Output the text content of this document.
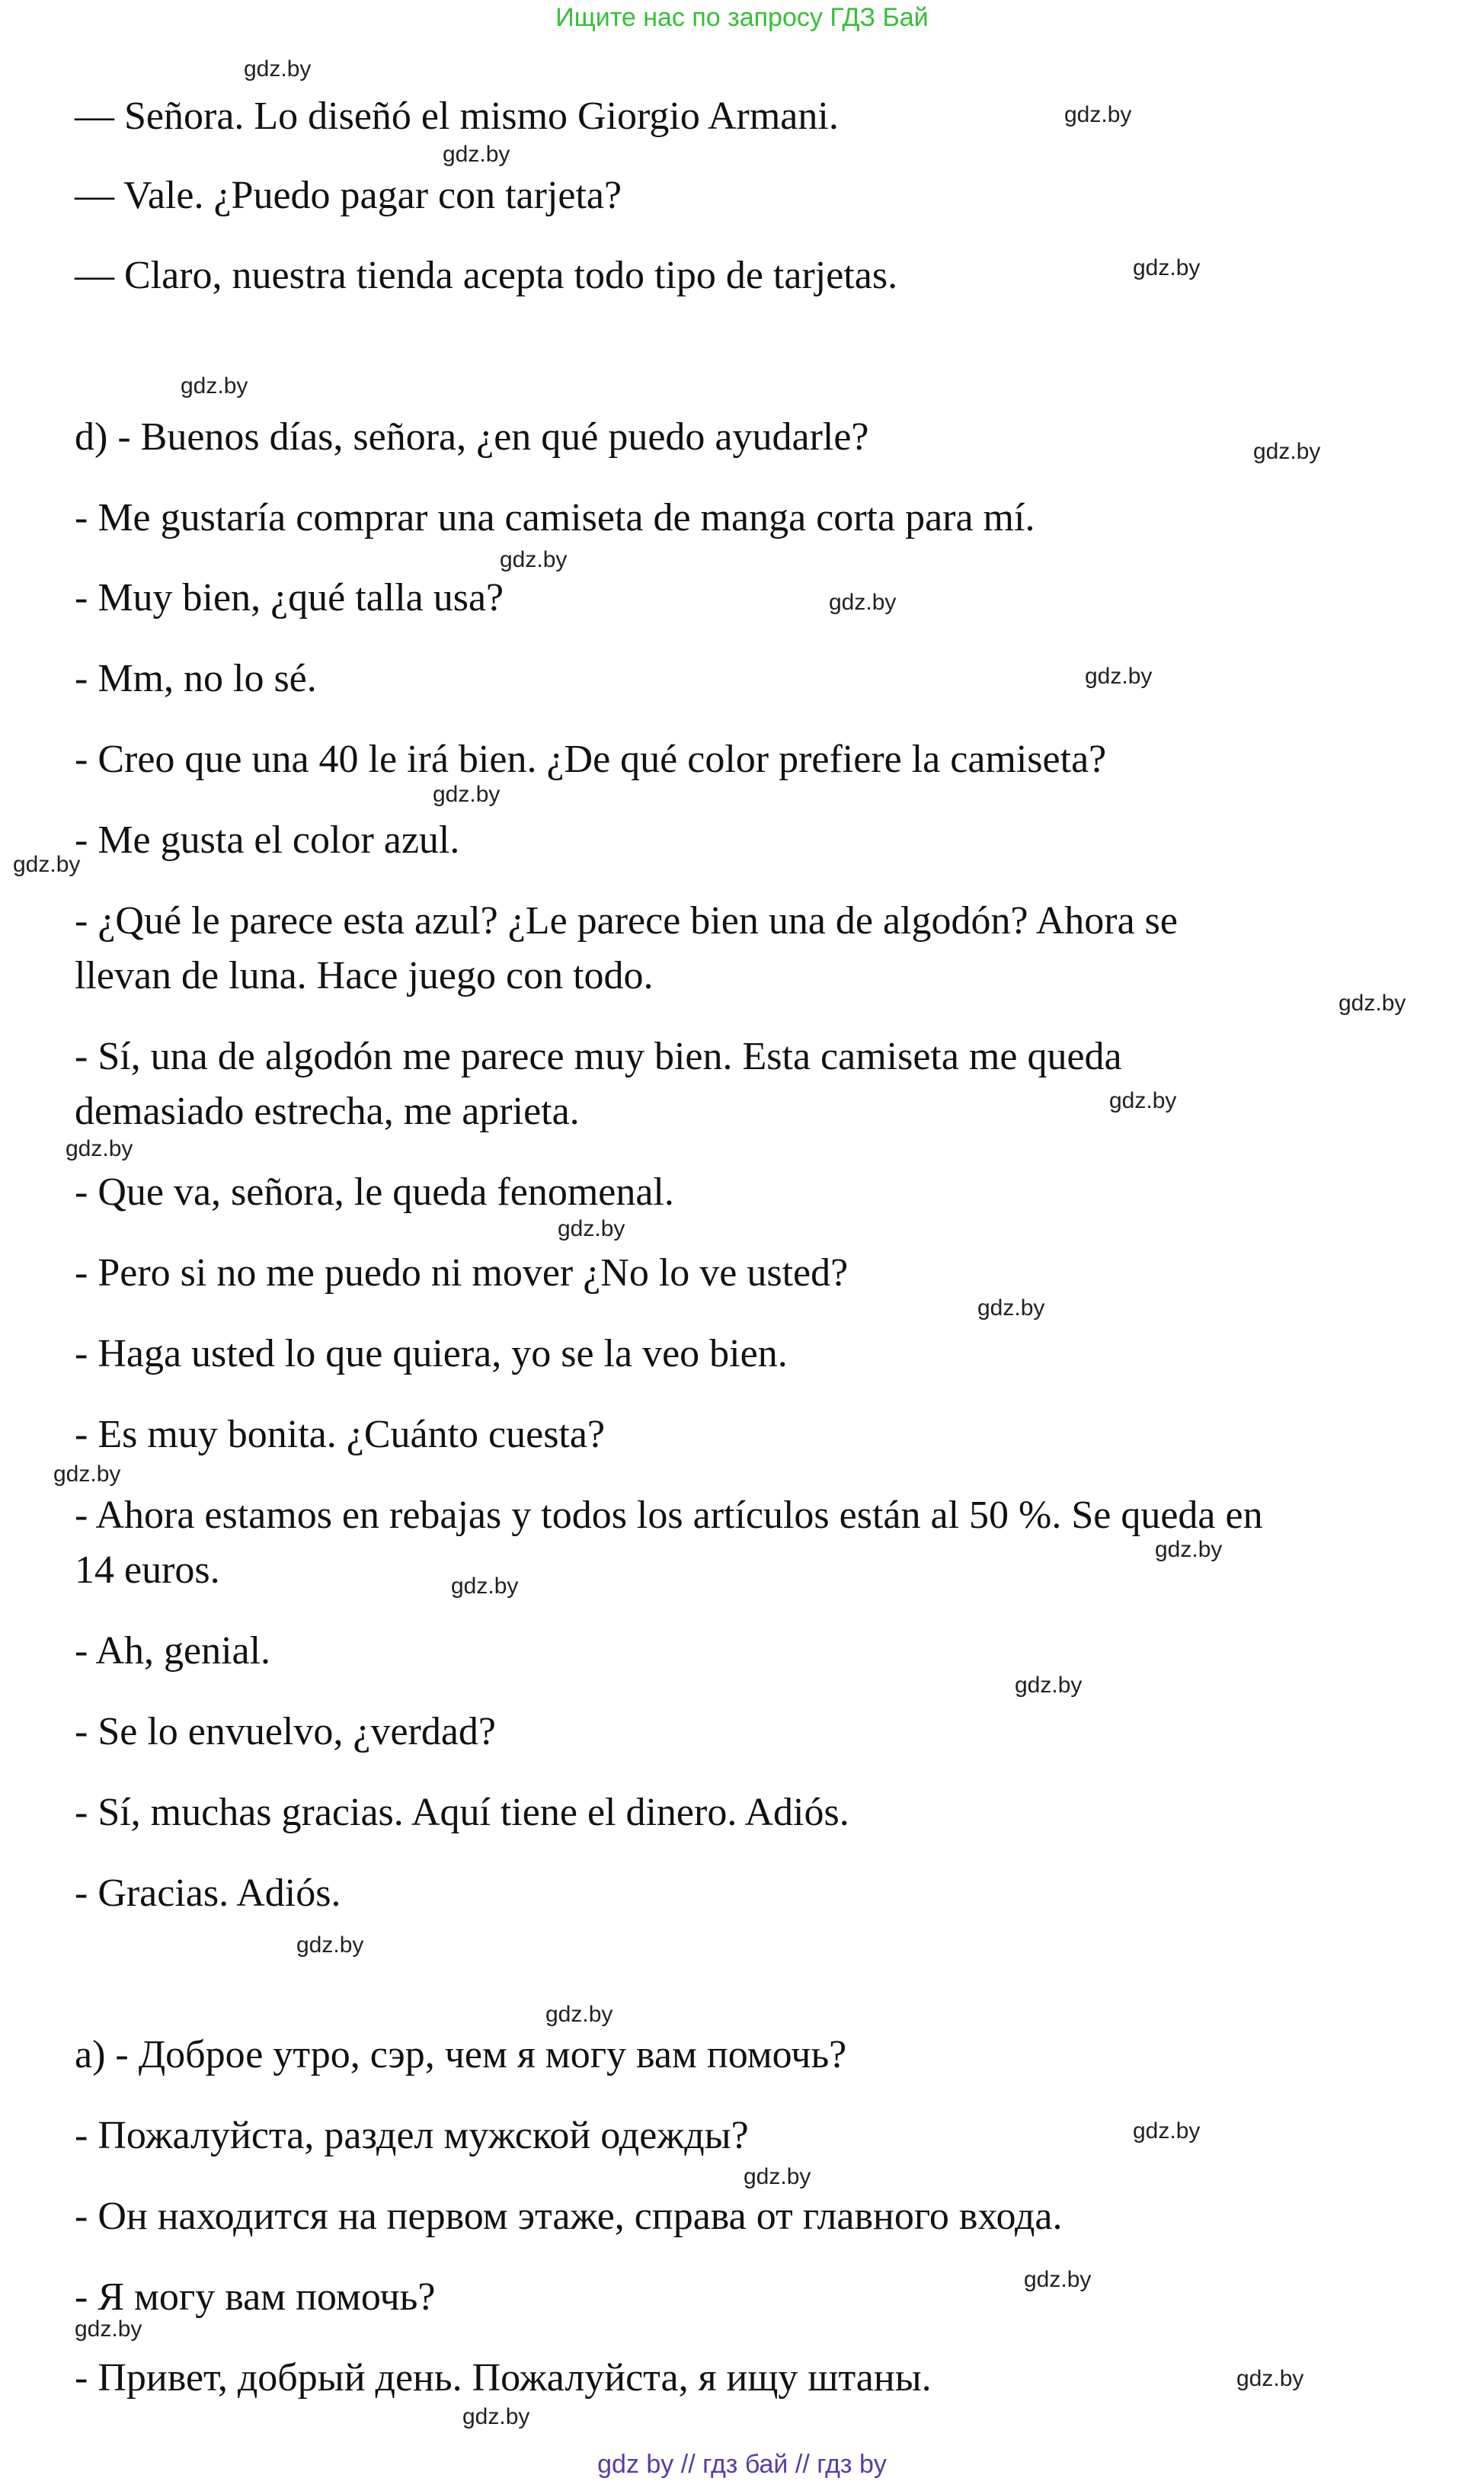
Ищите нас по запросу ГДЗ Бай

— Señora. Lo diseñó el mismo Giorgio Armani.

— Vale. ¿Puedo pagar con tarjeta?

— Claro, nuestra tienda acepta todo tipo de tarjetas.

d) - Buenos días, señora, ¿en qué puedo ayudarle?

- Me gustaría comprar una camiseta de manga corta para mí.

- Muy bien, ¿qué talla usa?

- Mm, no lo sé.

- Creo que una 40 le irá bien. ¿De qué color prefiere la camiseta?

- Me gusta el color azul.

- ¿Qué le parece esta azul? ¿Le parece bien una de algodón? Ahora se

llevan de luna. Hace juego con todo.

- Sí, una de algodón me parece muy bien. Esta camiseta me queda

demasiado estrecha, me aprieta.

- Que va, señora, le queda fenomenal.

- Pero si no me puedo ni mover ¿No lo ve usted?

- Haga usted lo que quiera, yo se la veo bien.

- Es muy bonita. ¿Cuánto cuesta?

- Ahora estamos en rebajas y todos los artículos están al 50 %. Se queda en

14 euros.

- Ah, genial.

- Se lo envuelvo, ¿verdad?

- Sí, muchas gracias. Aquí tiene el dinero. Adiós.

- Gracias. Adiós.

а) - Доброе утро, сэр, чем я могу вам помочь?

- Пожалуйста, раздел мужской одежды?

- Он находится на первом этаже, справа от главного входа.

- Я могу вам помочь?

- Привет, добрый день. Пожалуйста, я ищу штаны.

gdz.by
gdz.by
gdz.by
gdz.by
gdz.by
gdz.by
gdz.by
gdz.by
gdz.by
gdz.by
gdz.by
gdz.by
gdz.by
gdz.by
gdz.by
gdz.by
gdz.by
gdz.by
gdz.by
gdz.by
gdz.by
gdz.by
gdz.by
gdz.by
gdz.by
gdz.by
gdz.by
gdz.by
gdz by // гдз бай // гдз by
